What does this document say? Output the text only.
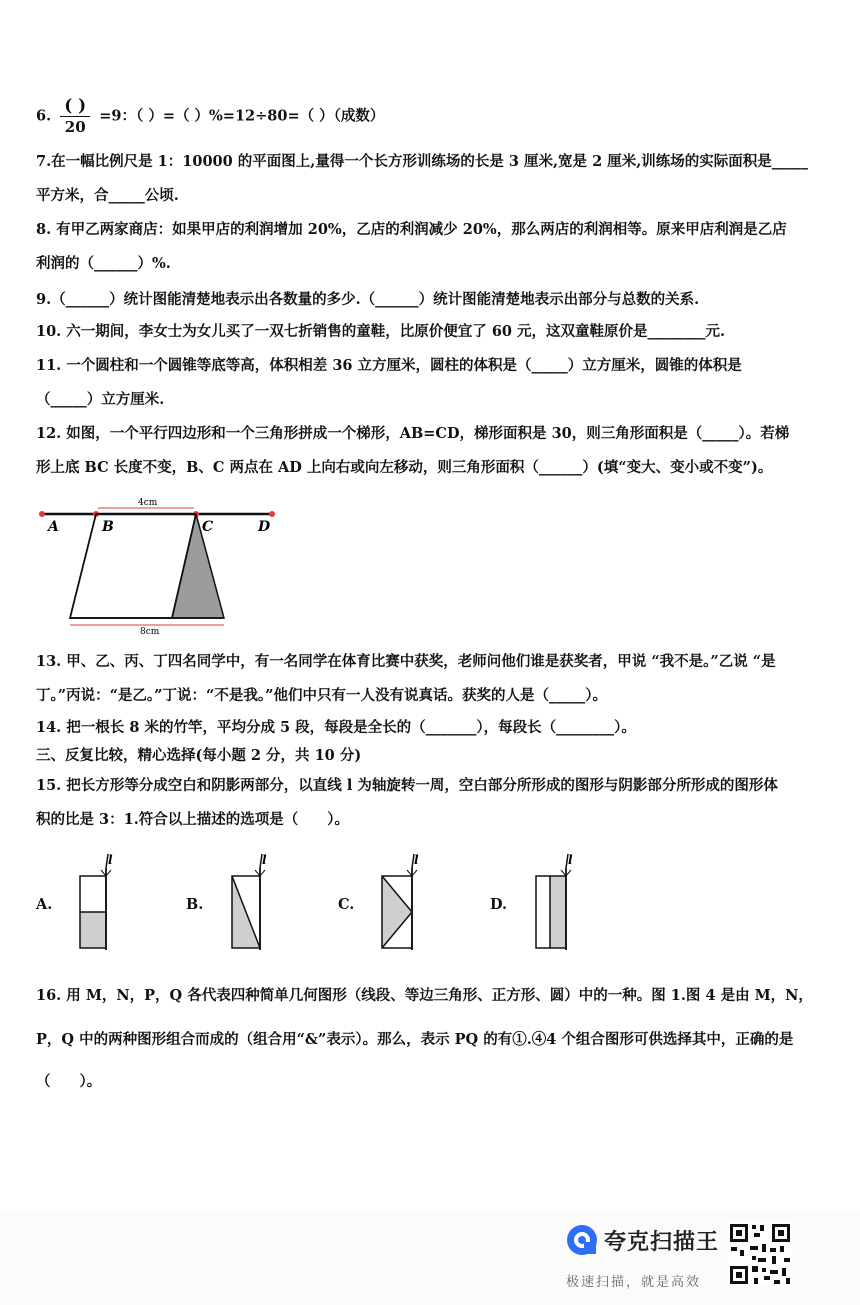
6. $\frac{( )}{20} =9$：（ ）=（ ）%=12÷80=（ ）（成数）
7.在一幅比例尺是 1：10000 的平面图上,量得一个长方形训练场的长是 3 厘米,宽是 2 厘米,训练场的实际面积是_____
平方米，合_____公顷.
8. 有甲乙两家商店：如果甲店的利润增加 20%，乙店的利润减少 20%，那么两店的利润相等。原来甲店利润是乙店
利润的（______）%.
9.（______）统计图能清楚地表示出各数量的多少.（______）统计图能清楚地表示出部分与总数的关系.
10. 六一期间，李女士为女儿买了一双七折销售的童鞋，比原价便宜了 60 元，这双童鞋原价是________元.
11. 一个圆柱和一个圆锥等底等高，体积相差 36 立方厘米，圆柱的体积是（_____）立方厘米，圆锥的体积是
（_____）立方厘米.
12. 如图，一个平行四边形和一个三角形拼成一个梯形，AB=CD，梯形面积是 30，则三角形面积是（_____）。若梯
形上底 BC 长度不变，B、C 两点在 AD 上向右或向左移动，则三角形面积（______）(填“变大、变小或不变”)。
4cm
8cm
A	B	C	D
13. 甲、乙、丙、丁四名同学中，有一名同学在体育比赛中获奖，老师问他们谁是获奖者，甲说 “我不是。”乙说 “是
丁。”丙说：“是乙。”丁说：“不是我。”他们中只有一人没有说真话。获奖的人是（_____）。
14. 把一根长 8 米的竹竿，平均分成 5 段，每段是全长的（_______），每段长（________）。
三、反复比较，精心选择(每小题 2 分，共 10 分)
15. 把长方形等分成空白和阴影两部分，以直线 l 为轴旋转一周，空白部分所形成的图形与阴影部分所形成的图形体
积的比是 3：1.符合以上描述的选项是（　　）。
A.
l
B.
l
C.
l
D.
l
16. 用 M，N，P，Q 各代表四种简单几何图形（线段、等边三角形、正方形、圆）中的一种。图 1.图 4 是由 M，N，
P，Q 中的两种图形组合而成的（组合用“&”表示）。那么，表示 PQ 的有①.④4 个组合图形可供选择其中，正确的是
（　　）。
夸克扫描王
极速扫描，就是高效
